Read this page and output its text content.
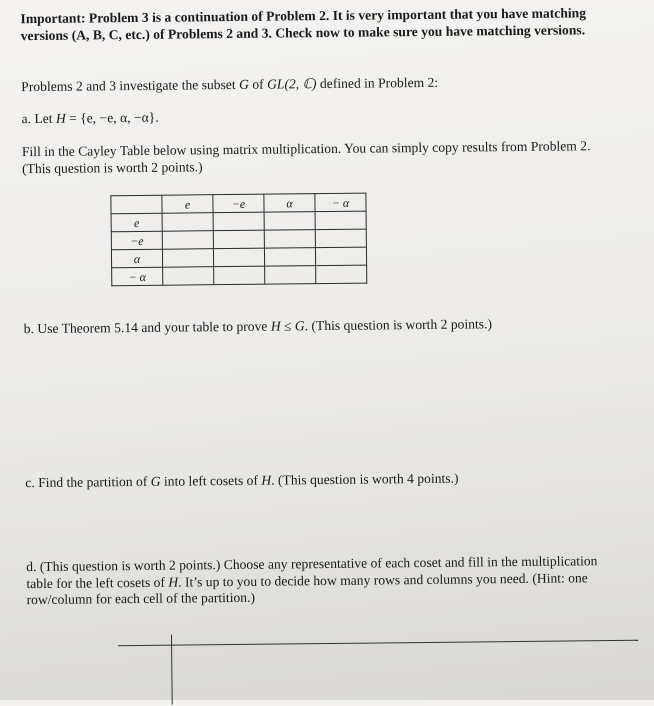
Important: Problem 3 is a continuation of Problem 2. It is very important that you have matching versions (A, B, C, etc.) of Problems 2 and 3. Check now to make sure you have matching versions.

Problems 2 and 3 investigate the subset G of GL(2, ℂ) defined in Problem 2:

a. Let H = {e, −e, α, −α}.

Fill in the Cayley Table below using matrix multiplication. You can simply copy results from Problem 2. (This question is worth 2 points.)

	e	−e	α	− α
e				
−e				
α				
− α				

b. Use Theorem 5.14 and your table to prove H ≤ G. (This question is worth 2 points.)

c. Find the partition of G into left cosets of H. (This question is worth 4 points.)

d. (This question is worth 2 points.) Choose any representative of each coset and fill in the multiplication table for the left cosets of H. It’s up to you to decide how many rows and columns you need. (Hint: one row/column for each cell of the partition.)
